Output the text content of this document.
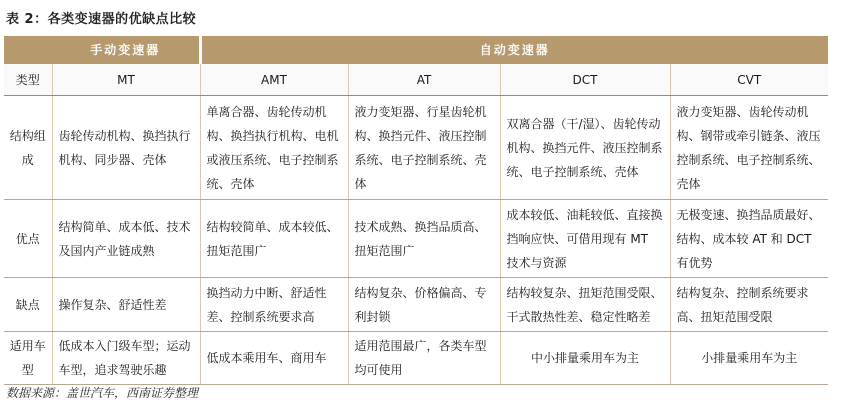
表 2：各类变速器的优缺点比较
	手动变速器	自动变速器			
类型	MT	AMT	AT	DCT	CVT
结构组成	齿轮传动机构、换挡执行机构、同步器、壳体	单离合器、齿轮传动机构、换挡执行机构、电机或液压系统、电子控制系统、壳体	液力变矩器、行星齿轮机构、换挡元件、液压控制系统、电子控制系统、壳体	双离合器（干/湿）、齿轮传动机构、换挡元件、液压控制系统、电子控制系统、壳体	液力变矩器、齿轮传动机构、钢带或牵引链条、液压控制系统、电子控制系统、壳体
优点	结构简单、成本低、技术及国内产业链成熟	结构较简单、成本较低、扭矩范围广	技术成熟、换挡品质高、扭矩范围广	成本较低、油耗较低、直接换挡响应快、可借用现有 MT 技术与资源	无极变速、换挡品质最好、结构、成本较 AT 和 DCT 有优势
缺点	操作复杂、舒适性差	换挡动力中断、舒适性差、控制系统要求高	结构复杂、价格偏高、专利封锁	结构较复杂、扭矩范围受限、干式散热性差、稳定性略差	结构复杂、控制系统要求高、扭矩范围受限
适用车型	低成本入门级车型；运动车型，追求驾驶乐趣	低成本乘用车、商用车	适用范围最广，各类车型均可使用	中小排量乘用车为主	小排量乘用车为主
数据来源：盖世汽车，西南证券整理
